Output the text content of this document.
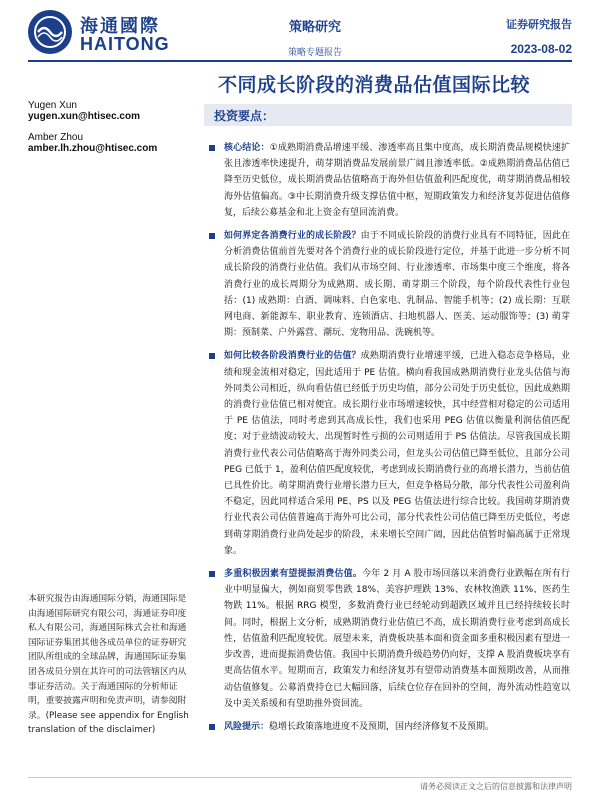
海通國際
HAITONG
策略研究
策略专题报告
证券研究报告
2023-08-02
不同成长阶段的消费品估值国际比较
Yugen Xun
yugen.xun@htisec.com
Amber Zhou
amber.lh.zhou@htisec.com
投资要点：
核心结论：①成熟期消费品增速平缓、渗透率高且集中度高，成长期消费品规模快速扩张且渗透率快速提升，萌芽期消费品发展前景广阔且渗透率低。②成熟期消费品估值已降至历史低位，成长期消费品估值略高于海外但估值盈利匹配度优，萌芽期消费品相较海外估值偏高。③中长期消费升级支撑估值中枢，短期政策发力和经济复苏促进估值修复，后续公募基金和北上资金有望回流消费。
如何界定各消费行业的成长阶段？由于不同成长阶段的消费行业具有不同特征，因此在分析消费估值前首先要对各个消费行业的成长阶段进行定位，并基于此进一步分析不同成长阶段的消费行业估值。我们从市场空间、行业渗透率、市场集中度三个维度，将各消费行业的成长周期分为成熟期、成长期、萌芽期三个阶段，每个阶段代表性行业包括：(1) 成熟期：白酒、调味料、白色家电、乳制品、智能手机等；(2) 成长期：互联网电商、新能源车、职业教育、连锁酒店、扫地机器人、医美、运动服饰等；(3) 萌芽期：预制菜、户外露营、潮玩、宠物用品、洗碗机等。
如何比较各阶段消费行业的估值？成熟期消费行业增速平缓，已进入稳态竞争格局，业绩和现金流相对稳定，因此适用于 PE 估值。横向看我国成熟期消费行业龙头估值与海外同类公司相近，纵向看估值已经低于历史均值，部分公司处于历史低位，因此成熟期的消费行业估值已相对便宜。成长期行业市场增速较快，其中经营相对稳定的公司适用于 PE 估值法，同时考虑到其高成长性，我们也采用 PEG 估值以衡量利润估值匹配度；对于业绩波动较大、出现暂时性亏损的公司则适用于 PS 估值法。尽管我国成长期消费行业代表公司估值略高于海外同类公司，但龙头公司估值已降至低位，且部分公司 PEG 已低于 1，盈利估值匹配度较优，考虑到成长期消费行业的高增长潜力，当前估值已具性价比。萌芽期消费行业增长潜力巨大，但竞争格局分散，部分代表性公司盈利尚不稳定，因此同样适合采用 PE、PS 以及 PEG 估值法进行综合比较。我国萌芽期消费行业代表公司估值普遍高于海外可比公司，部分代表性公司估值已降至历史低位，考虑到萌芽期消费行业尚处起步的阶段，未来增长空间广阔，因此估值暂时偏高属于正常现象。
多重积极因素有望提振消费估值。今年 2 月 A 股市场回落以来消费行业跌幅在所有行业中明显偏大，例如商贸零售跌 18%、美容护理跌 13%、农林牧渔跌 11%、医药生物跌 11%。根据 RRG 模型，多数消费行业已经轮动到超跌区域并且已经持续较长时间。同时，根据上文分析，成熟期消费行业估值已不高，成长期消费行业考虑到高成长性，估值盈利匹配度较优。展望未来，消费板块基本面和资金面多重积极因素有望进一步改善，进而提振消费估值。我国中长期消费升级趋势仍向好，支撑 A 股消费板块享有更高估值水平。短期而言，政策发力和经济复苏有望带动消费基本面预期改善，从而推动估值修复。公募消费持仓已大幅回落，后续仓位存在回补的空间，海外流动性趋宽以及中美关系缓和有望助推外资回流。
风险提示：稳增长政策落地进度不及预期，国内经济修复不及预期。
本研究报告由海通国际分销，海通国际是由海通国际研究有限公司，海通证券印度私人有限公司，海通国际株式会社和海通国际证券集团其他各成员单位的证券研究团队所组成的全球品牌，海通国际证券集团各成员分别在其许可的司法管辖区内从事证券活动。关于海通国际的分析师证明，重要披露声明和免责声明，请参阅附录。(Please see appendix for English translation of the disclaimer)
请务必阅读正文之后的信息披露和法律声明
